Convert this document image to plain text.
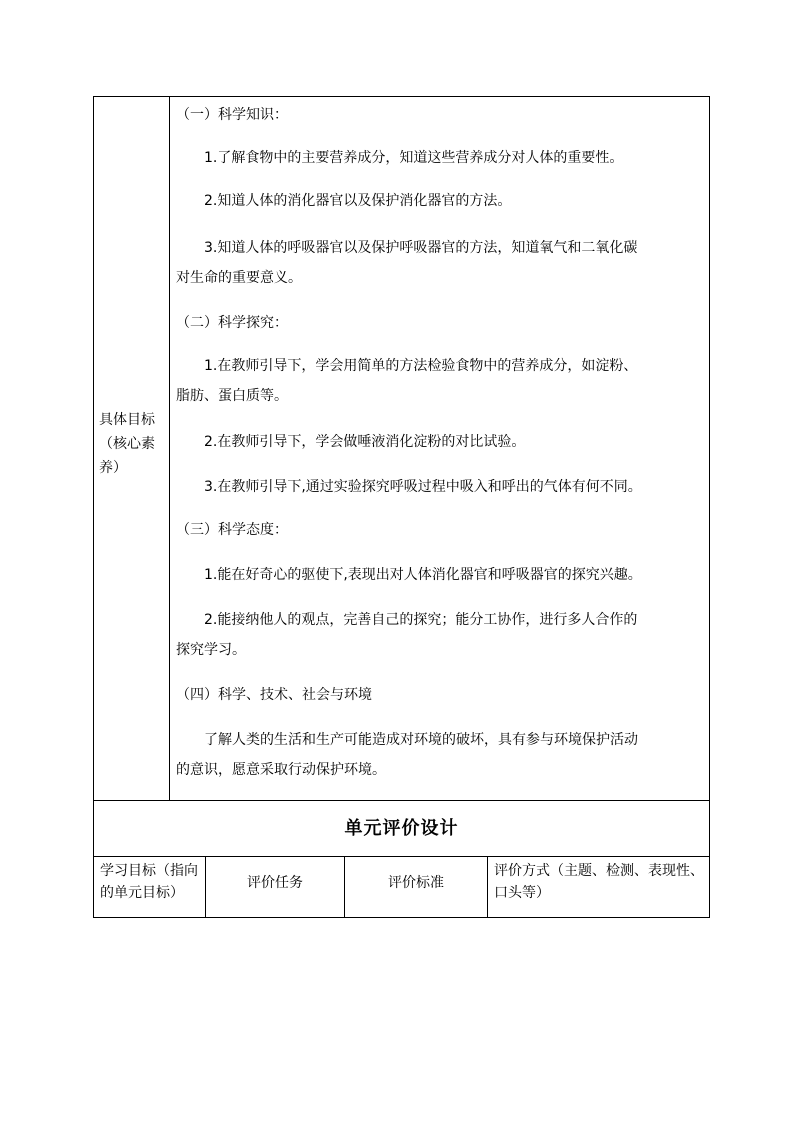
具体目标
（核心素
养）
（一）科学知识：
1.了解食物中的主要营养成分，知道这些营养成分对人体的重要性。
2.知道人体的消化器官以及保护消化器官的方法。
3.知道人体的呼吸器官以及保护呼吸器官的方法，知道氧气和二氧化碳
对生命的重要意义。
（二）科学探究：
1.在教师引导下，学会用简单的方法检验食物中的营养成分，如淀粉、
脂肪、蛋白质等。
2.在教师引导下，学会做唾液消化淀粉的对比试验。
3.在教师引导下,通过实验探究呼吸过程中吸入和呼出的气体有何不同。
（三）科学态度：
1.能在好奇心的驱使下,表现出对人体消化器官和呼吸器官的探究兴趣。
2.能接纳他人的观点，完善自己的探究；能分工协作，进行多人合作的
探究学习。
（四）科学、技术、社会与环境
了解人类的生活和生产可能造成对环境的破坏，具有参与环境保护活动
的意识，愿意采取行动保护环境。
单元评价设计
学习目标（指向
的单元目标）
评价任务	评价标准
评价方式（主题、检测、表现性、
口头等）
